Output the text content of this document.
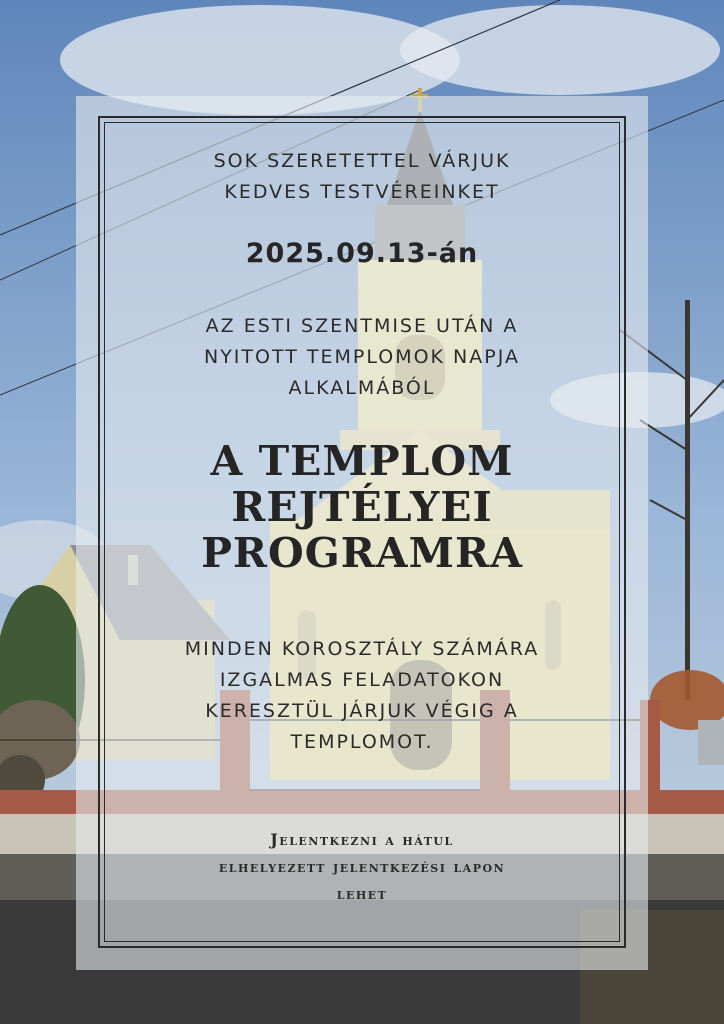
SOK SZERETETTEL VÁRJUK
KEDVES TESTVÉREINKET
2025.09.13-án
AZ ESTI SZENTMISE UTÁN A
NYITOTT TEMPLOMOK NAPJA
ALKALMÁBÓL
A TEMPLOM
REJTÉLYEI
PROGRAMRA
MINDEN KOROSZTÁLY SZÁMÁRA
IZGALMAS FELADATOKON
KERESZTÜL JÁRJUK VÉGIG A
TEMPLOMOT.
Jelentkezni a hátul
elhelyezett jelentkezési lapon
lehet
